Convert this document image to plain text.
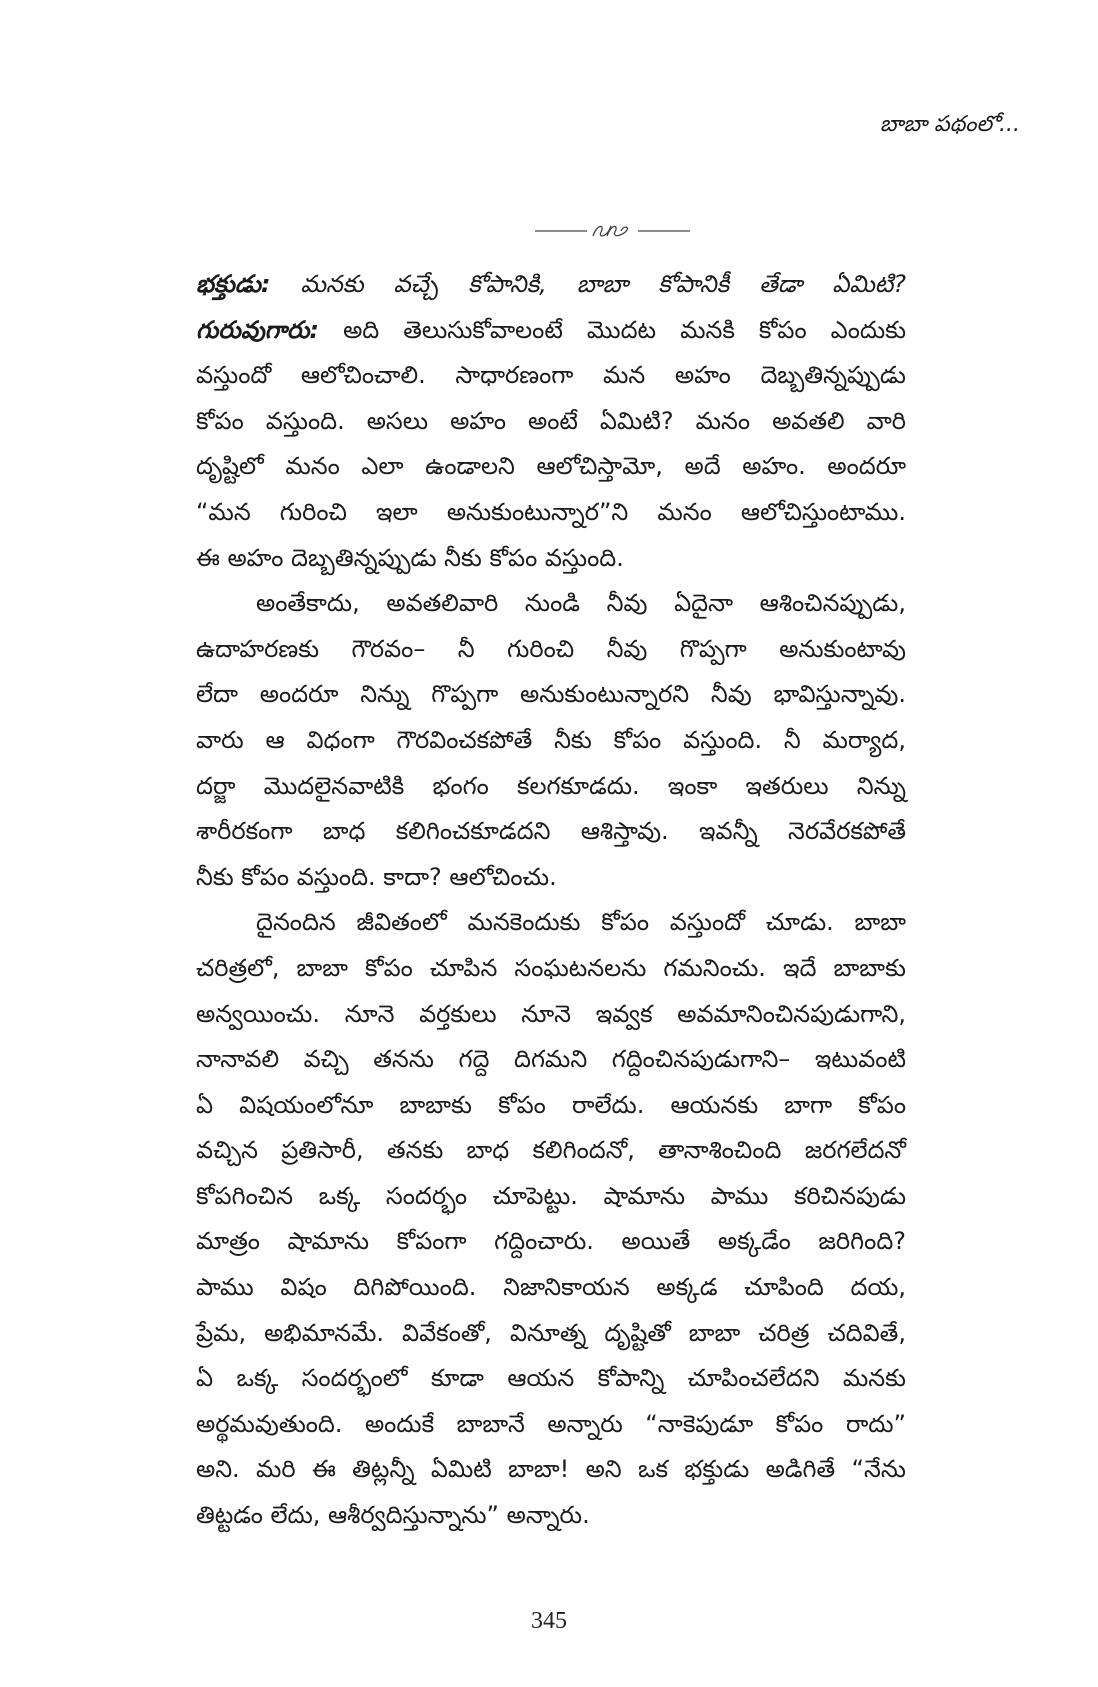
బాబా పథంలో...
భక్తుడు: మనకు వచ్చే కోపానికి, బాబా కోపానికీ తేడా ఏమిటి?
గురువుగారు: అది తెలుసుకోవాలంటే మొదట మనకి కోపం ఎందుకు
వస్తుందో ఆలోచించాలి. సాధారణంగా మన అహం దెబ్బతిన్నప్పుడు
కోపం వస్తుంది. అసలు అహం అంటే ఏమిటి? మనం అవతలి వారి
దృష్టిలో మనం ఎలా ఉండాలని ఆలోచిస్తామో, అదే అహం. అందరూ
“మన గురించి ఇలా అనుకుంటున్నార”ని మనం ఆలోచిస్తుంటాము.
ఈ అహం దెబ్బతిన్నప్పుడు నీకు కోపం వస్తుంది.
అంతేకాదు, అవతలివారి నుండి నీవు ఏదైనా ఆశించినప్పుడు,
ఉదాహరణకు గౌరవం– నీ గురించి నీవు గొప్పగా అనుకుంటావు
లేదా అందరూ నిన్ను గొప్పగా అనుకుంటున్నారని నీవు భావిస్తున్నావు.
వారు ఆ విధంగా గౌరవించకపోతే నీకు కోపం వస్తుంది. నీ మర్యాద,
దర్జా మొదలైనవాటికి భంగం కలగకూడదు. ఇంకా ఇతరులు నిన్ను
శారీరకంగా బాధ కలిగించకూడదని ఆశిస్తావు. ఇవన్నీ నెరవేరకపోతే
నీకు కోపం వస్తుంది. కాదా? ఆలోచించు.
దైనందిన జీవితంలో మనకెందుకు కోపం వస్తుందో చూడు. బాబా
చరిత్రలో, బాబా కోపం చూపిన సంఘటనలను గమనించు. ఇదే బాబాకు
అన్వయించు. నూనె వర్తకులు నూనె ఇవ్వక అవమానించినపుడుగాని,
నానావలి వచ్చి తనను గద్దె దిగమని గద్దించినపుడుగాని– ఇటువంటి
ఏ విషయంలోనూ బాబాకు కోపం రాలేదు. ఆయనకు బాగా కోపం
వచ్చిన ప్రతిసారీ, తనకు బాధ కలిగిందనో, తానాశించింది జరగలేదనో
కోపగించిన ఒక్క సందర్భం చూపెట్టు. షామాను పాము కరిచినపుడు
మాత్రం షామాను కోపంగా గద్దించారు. అయితే అక్కడేం జరిగింది?
పాము విషం దిగిపోయింది. నిజానికాయన అక్కడ చూపింది దయ,
ప్రేమ, అభిమానమే. వివేకంతో, వినూత్న దృష్టితో బాబా చరిత్ర చదివితే,
ఏ ఒక్క సందర్భంలో కూడా ఆయన కోపాన్ని చూపించలేదని మనకు
అర్థమవుతుంది. అందుకే బాబానే అన్నారు “నాకెపుడూ కోపం రాదు”
అని. మరి ఈ తిట్లన్నీ ఏమిటి బాబా! అని ఒక భక్తుడు అడిగితే “నేను
తిట్టడం లేదు, ఆశీర్వదిస్తున్నాను” అన్నారు.
345
